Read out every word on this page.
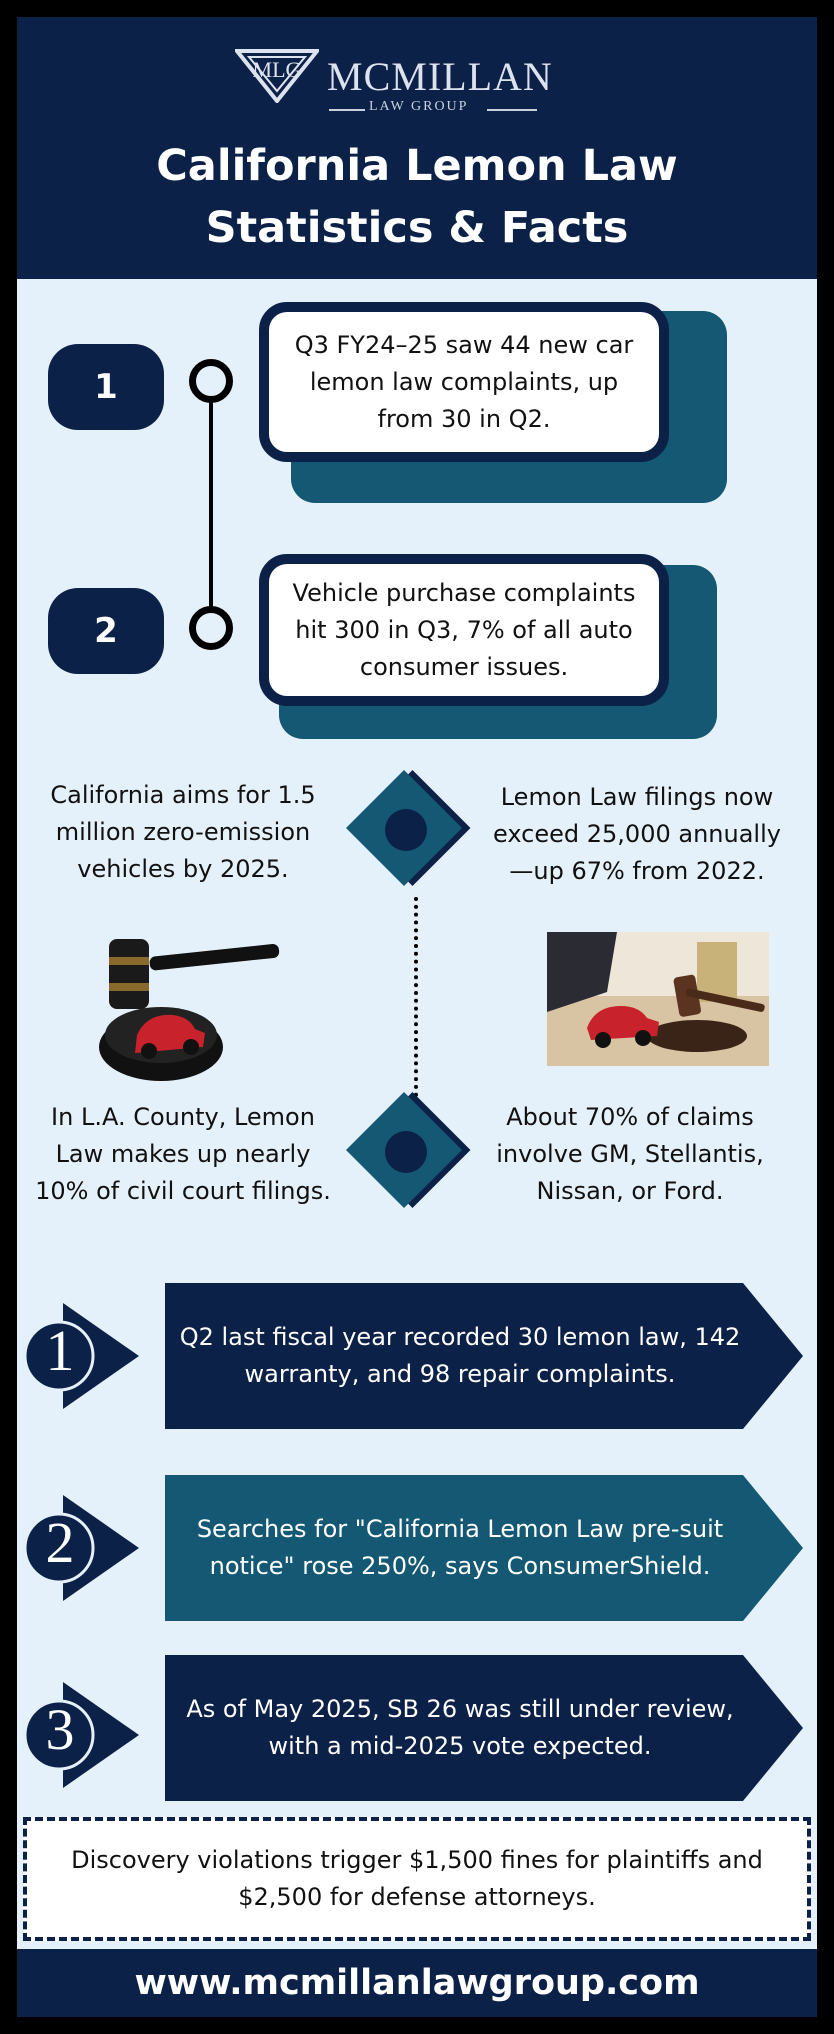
MLG MCMILLAN
LAW GROUP
California Lemon Law
Statistics & Facts
1
Q3 FY24–25 saw 44 new car lemon law complaints, up from 30 in Q2.
2
Vehicle purchase complaints hit 300 in Q3, 7% of all auto consumer issues.
California aims for 1.5 million zero-emission vehicles by 2025.
Lemon Law filings now exceed 25,000 annually—up 67% from 2022.
In L.A. County, Lemon Law makes up nearly 10% of civil court filings.
About 70% of claims involve GM, Stellantis, Nissan, or Ford.
1	Q2 last fiscal year recorded 30 lemon law, 142 warranty, and 98 repair complaints.
2	Searches for "California Lemon Law pre-suit notice" rose 250%, says ConsumerShield.
3	As of May 2025, SB 26 was still under review, with a mid-2025 vote expected.
Discovery violations trigger $1,500 fines for plaintiffs and $2,500 for defense attorneys.
www.mcmillanlawgroup.com
